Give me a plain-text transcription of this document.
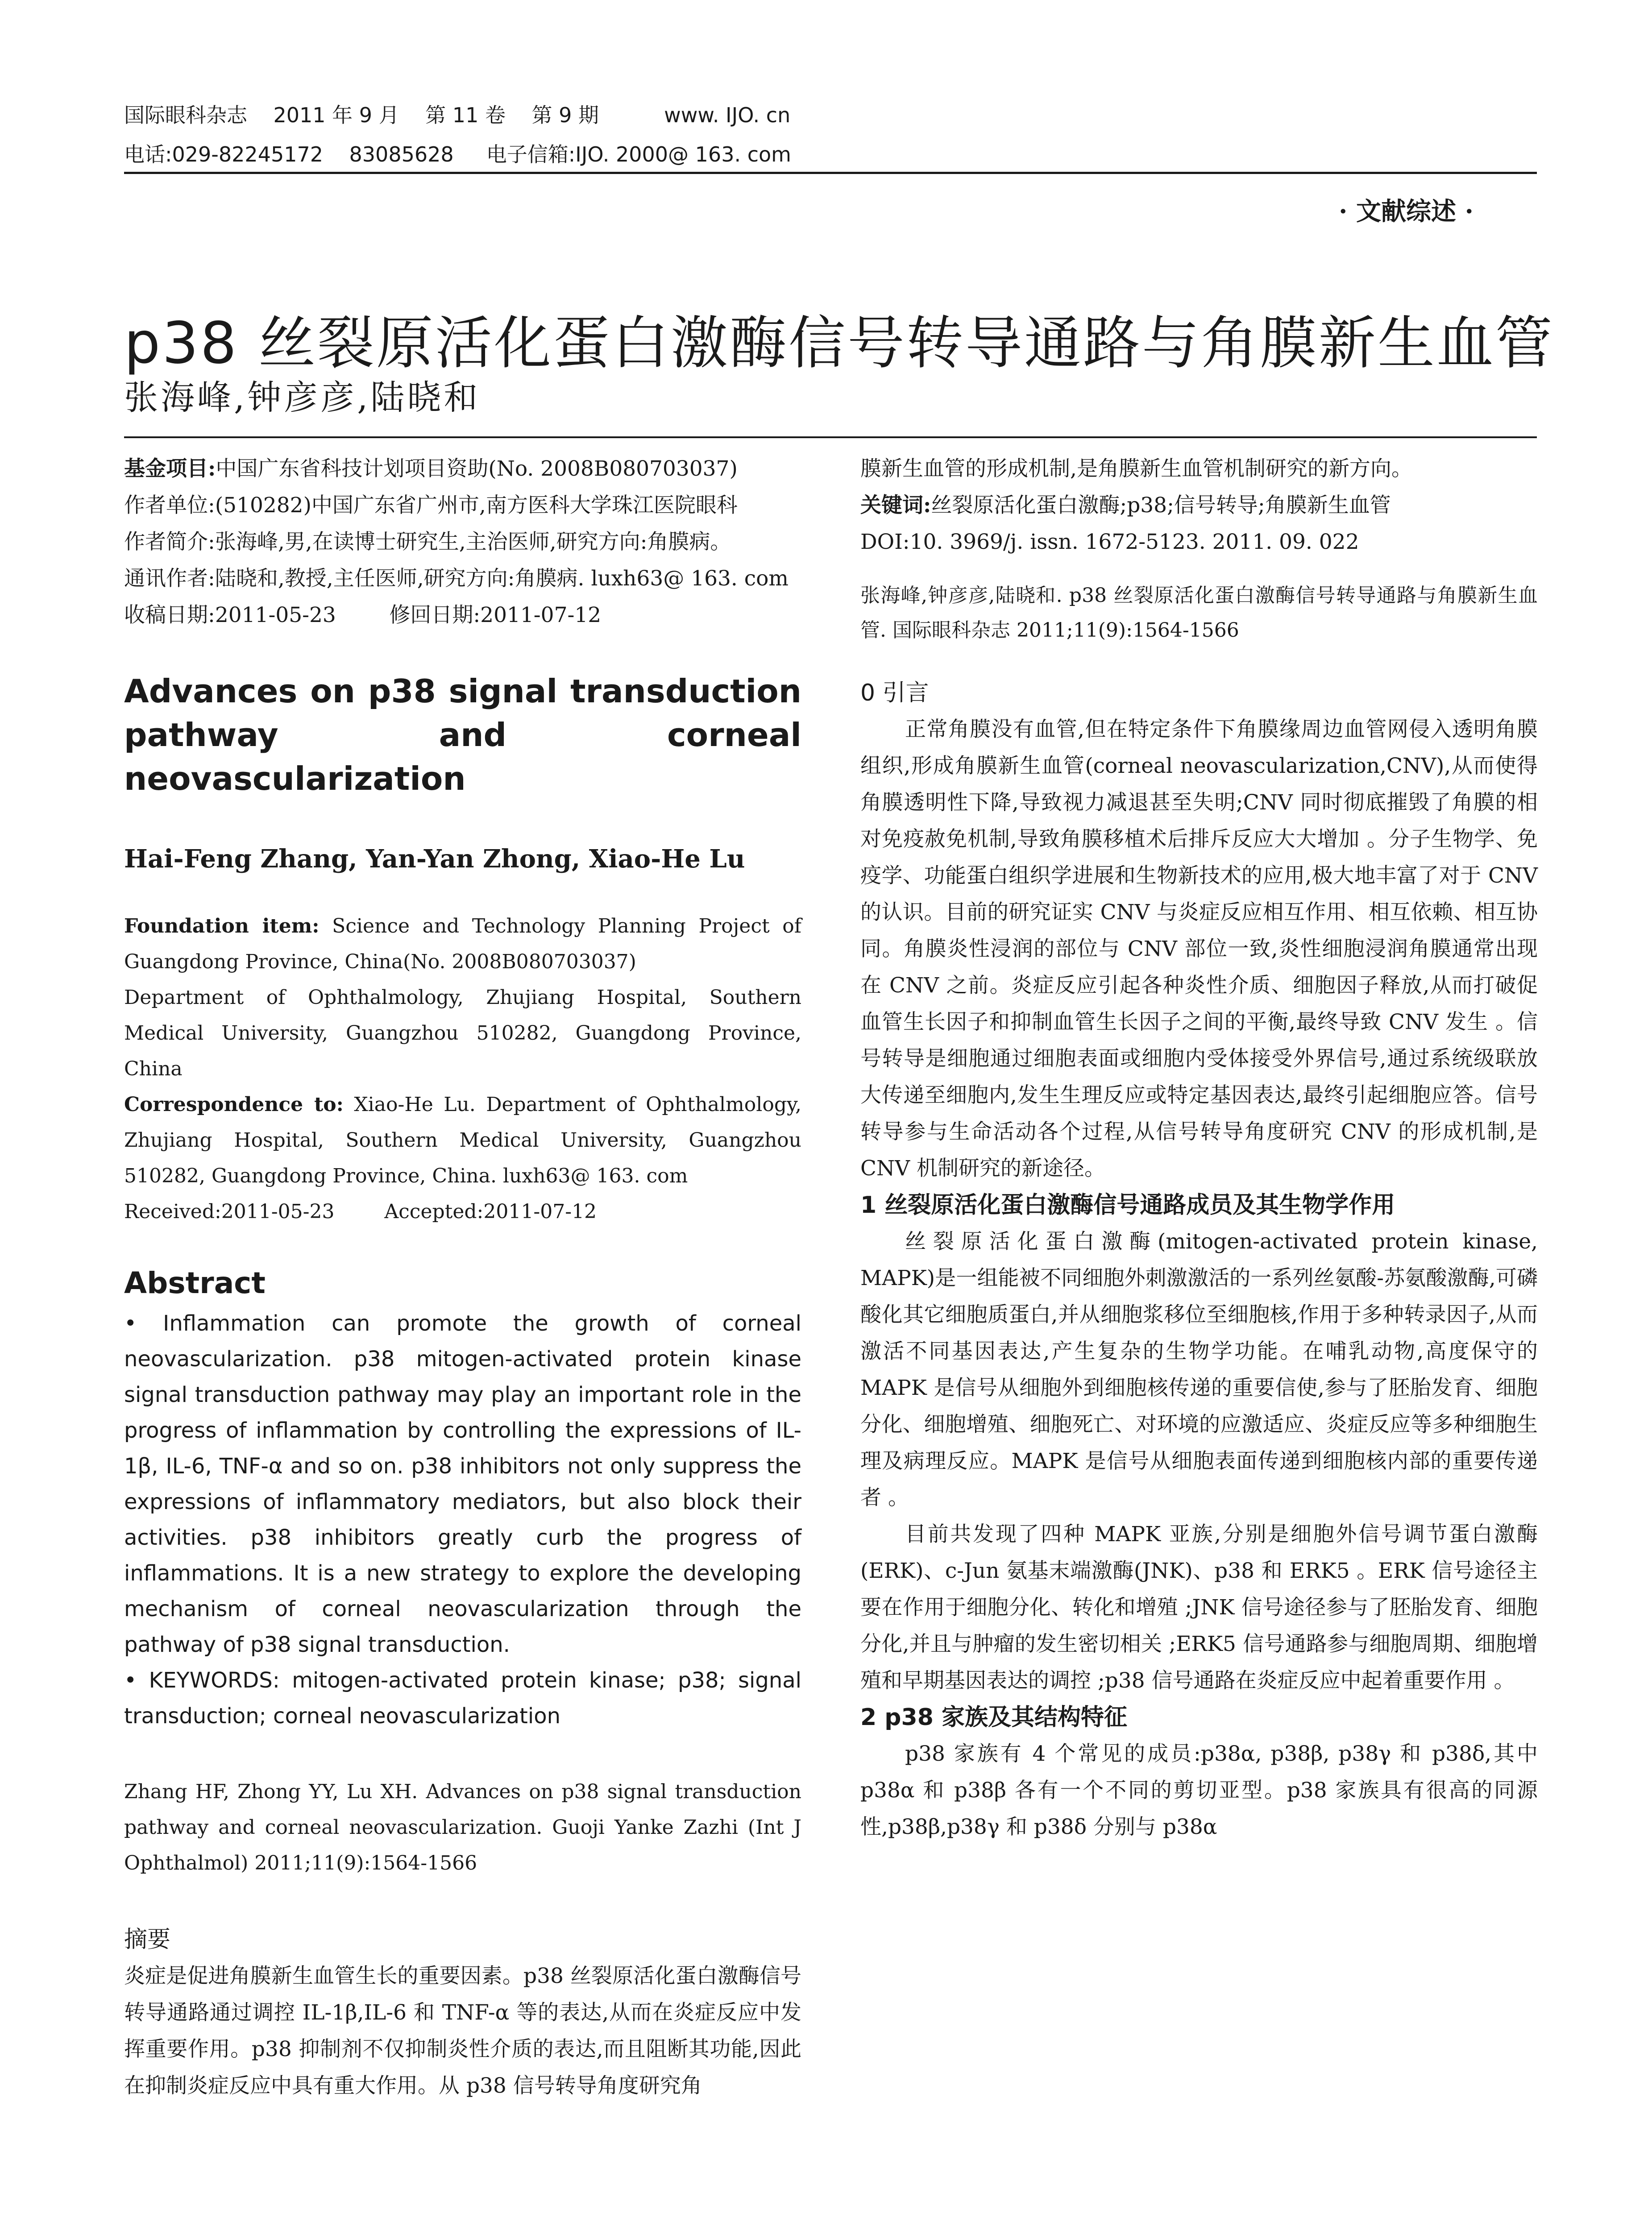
国际眼科杂志    2011 年 9 月    第 11 卷    第 9 期          www. IJO. cn
电话:029-82245172    83085628     电子信箱:IJO. 2000@ 163. com
· 文献综述 ·
p38 丝裂原活化蛋白激酶信号转导通路与角膜新生血管
张海峰,钟彦彦,陆晓和

基金项目:中国广东省科技计划项目资助(No. 2008B080703037)

作者单位:(510282)中国广东省广州市,南方医科大学珠江医院眼科

作者简介:张海峰,男,在读博士研究生,主治医师,研究方向:角膜病。

通讯作者:陆晓和,教授,主任医师,研究方向:角膜病. luxh63@ 163. com

收稿日期:2011-05-23        修回日期:2011-07-12

Advances on p38 signal transduction pathway and corneal neovascularization

Hai-Feng Zhang, Yan-Yan Zhong, Xiao-He Lu

Foundation item: Science and Technology Planning Project of Guangdong Province, China(No. 2008B080703037)

Department of Ophthalmology, Zhujiang Hospital, Southern Medical University, Guangzhou 510282, Guangdong Province, China

Correspondence to: Xiao-He Lu. Department of Ophthalmology, Zhujiang Hospital, Southern Medical University, Guangzhou 510282, Guangdong Province, China. luxh63@ 163. com

Received:2011-05-23        Accepted:2011-07-12

Abstract

• Inflammation can promote the growth of corneal neovascularization. p38 mitogen-activated protein kinase signal transduction pathway may play an important role in the progress of inflammation by controlling the expressions of IL-1β, IL-6, TNF-α and so on. p38 inhibitors not only suppress the expressions of inflammatory mediators, but also block their activities. p38 inhibitors greatly curb the progress of inflammations. It is a new strategy to explore the developing mechanism of corneal neovascularization through the pathway of p38 signal transduction.

• KEYWORDS: mitogen-activated protein kinase; p38; signal transduction; corneal neovascularization

Zhang HF, Zhong YY, Lu XH. Advances on p38 signal transduction pathway and corneal neovascularization. Guoji Yanke Zazhi (Int J Ophthalmol) 2011;11(9):1564-1566

摘要

炎症是促进角膜新生血管生长的重要因素。p38 丝裂原活化蛋白激酶信号转导通路通过调控 IL-1β,IL-6 和 TNF-α 等的表达,从而在炎症反应中发挥重要作用。p38 抑制剂不仅抑制炎性介质的表达,而且阻断其功能,因此在抑制炎症反应中具有重大作用。从 p38 信号转导角度研究角

膜新生血管的形成机制,是角膜新生血管机制研究的新方向。

关键词:丝裂原活化蛋白激酶;p38;信号转导;角膜新生血管

DOI:10. 3969/j. issn. 1672-5123. 2011. 09. 022

张海峰,钟彦彦,陆晓和. p38 丝裂原活化蛋白激酶信号转导通路与角膜新生血管. 国际眼科杂志 2011;11(9):1564-1566

0 引言

正常角膜没有血管,但在特定条件下角膜缘周边血管网侵入透明角膜组织,形成角膜新生血管(corneal neovascularization,CNV),从而使得角膜透明性下降,导致视力减退甚至失明;CNV 同时彻底摧毁了角膜的相对免疫赦免机制,导致角膜移植术后排斥反应大大增加 。分子生物学、免疫学、功能蛋白组织学进展和生物新技术的应用,极大地丰富了对于 CNV 的认识。目前的研究证实 CNV 与炎症反应相互作用、相互依赖、相互协同。角膜炎性浸润的部位与 CNV 部位一致,炎性细胞浸润角膜通常出现在 CNV 之前。炎症反应引起各种炎性介质、细胞因子释放,从而打破促血管生长因子和抑制血管生长因子之间的平衡,最终导致 CNV 发生 。信号转导是细胞通过细胞表面或细胞内受体接受外界信号,通过系统级联放大传递至细胞内,发生生理反应或特定基因表达,最终引起细胞应答。信号转导参与生命活动各个过程,从信号转导角度研究 CNV 的形成机制,是 CNV 机制研究的新途径。

1 丝裂原活化蛋白激酶信号通路成员及其生物学作用

丝裂原活化蛋白激酶(mitogen-activated protein kinase, MAPK)是一组能被不同细胞外刺激激活的一系列丝氨酸-苏氨酸激酶,可磷酸化其它细胞质蛋白,并从细胞浆移位至细胞核,作用于多种转录因子,从而激活不同基因表达,产生复杂的生物学功能。在哺乳动物,高度保守的 MAPK 是信号从细胞外到细胞核传递的重要信使,参与了胚胎发育、细胞分化、细胞增殖、细胞死亡、对环境的应激适应、炎症反应等多种细胞生理及病理反应。MAPK 是信号从细胞表面传递到细胞核内部的重要传递者 。

目前共发现了四种 MAPK 亚族,分别是细胞外信号调节蛋白激酶(ERK)、c-Jun 氨基末端激酶(JNK)、p38 和 ERK5 。ERK 信号途径主要在作用于细胞分化、转化和增殖 ;JNK 信号途径参与了胚胎发育、细胞分化,并且与肿瘤的发生密切相关 ;ERK5 信号通路参与细胞周期、细胞增殖和早期基因表达的调控 ;p38 信号通路在炎症反应中起着重要作用 。

2 p38 家族及其结构特征

p38 家族有 4 个常见的成员:p38α, p38β, p38γ 和 p38δ,其中 p38α 和 p38β 各有一个不同的剪切亚型。p38 家族具有很高的同源性,p38β,p38γ 和 p38δ 分别与 p38α
